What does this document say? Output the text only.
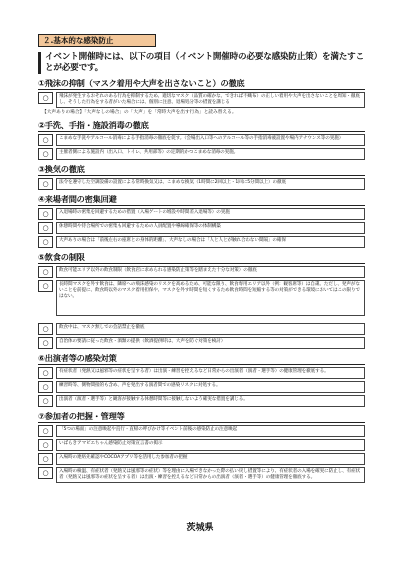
２.基本的な感染防止
イベント開催時には、以下の項目（イベント開催時の必要な感染防止策）を満たすことが必要です。
①飛沫の抑制（マスク着用や大声を出さないこと）の徹底
○	飛沫が発生するおそれのある行為を抑制するため、適切なマスク（品質の確かな、できれば不織布）の正しい着用や大声を出さないことを周知・徹底し、そうした行為をする者がいた場合には、個別に注意、退場処分等の措置を講じる
【大声ありの場合】「大声なしの場合」の「大声」を「常時大声を出す行為」と読み替える。
②手洗、手指・施設消毒の徹底
○	こまめな手洗やアルコール消毒による手指消毒の徹底を促す。（会場出入口等へのアルコール等の手指消毒液設置や場内アナウンス等の実施）
○	主催者側による施設内（出入口、トイレ、共用部等）の定期的かつこまめな消毒の実施。
③換気の徹底
○	法令を遵守した空調設備の設置による常時換気又は、こまめな換気（1時間に2回以上・1回に5分間以上）の徹底
④来場者間の密集回避
○	入退場時の密集を回避するための措置（入場ゲートの増設や時間差入退場等）の実施
○	休憩時間や待合場所での密集も回避するための人員配置や導線確保等の体制構築
○	大声ありの場合は「前後左右の座席との身体的距離」、大声なしの場合は「人と人とが触れ合わない間隔」の確保
⑤飲食の制限
○	飲食可能エリア以外の飲食制限（飲食店に求められる感染防止策等を踏まえた十分な対策）の徹底
○	長時間マスクを外す飲食は、隣席への飛沫感染のリスクを高めるため、可能な限り、飲食専用エリア以外（例：観客席等）は自粛。ただし、発声がないことを前提に、飲食時以外のマスク着用担保や、マスクを外す時間を短くするため飲食時間を短縮する等の対策ができる環境においてはこの限りではない。
○	飲食中は、マスク無しでの会話禁止を徹底
○	自治体の要請に従った飲食・酒類の提供（飲酒提供時は、大声を防ぐ対策を検討）
⑥出演者等の感染対策
○	有症状者（発熱又は風邪等の症状を呈する者）は出演・練習を控えるなど日常からの出演者（演者・選手等）の健康管理を徹底する。
○	練習時等、側物間接的も含め、声を発出する演者間での感染リスクに対処する。
○	出演者（演者・選手等）と観客が接触する休憩時間等に接触しないよう確実な措置を講じる。
⑦参加者の把握・管理等
○	「5つの場面」の注意喚起や直行・直帰の呼びかけ等イベント前後の感染防止の注意喚起
○	いばらきアマビエちゃん感染防止対策宣言書の掲示
○	入場時の連絡先確認やCOCOAアプリ等を活用した参加者の把握
○	入場時の検温、有症状者（発熱又は風邪等の症状）等を理由に入場できなかった際の払い戻し措置等により、有症状者の入場を確実に防止し、有症状者（発熱又は風邪等の症状を呈する者）は出演・練習を控えるなど日常からの出演者（演者・選手等）の健康管理を徹底する。
茨城県
